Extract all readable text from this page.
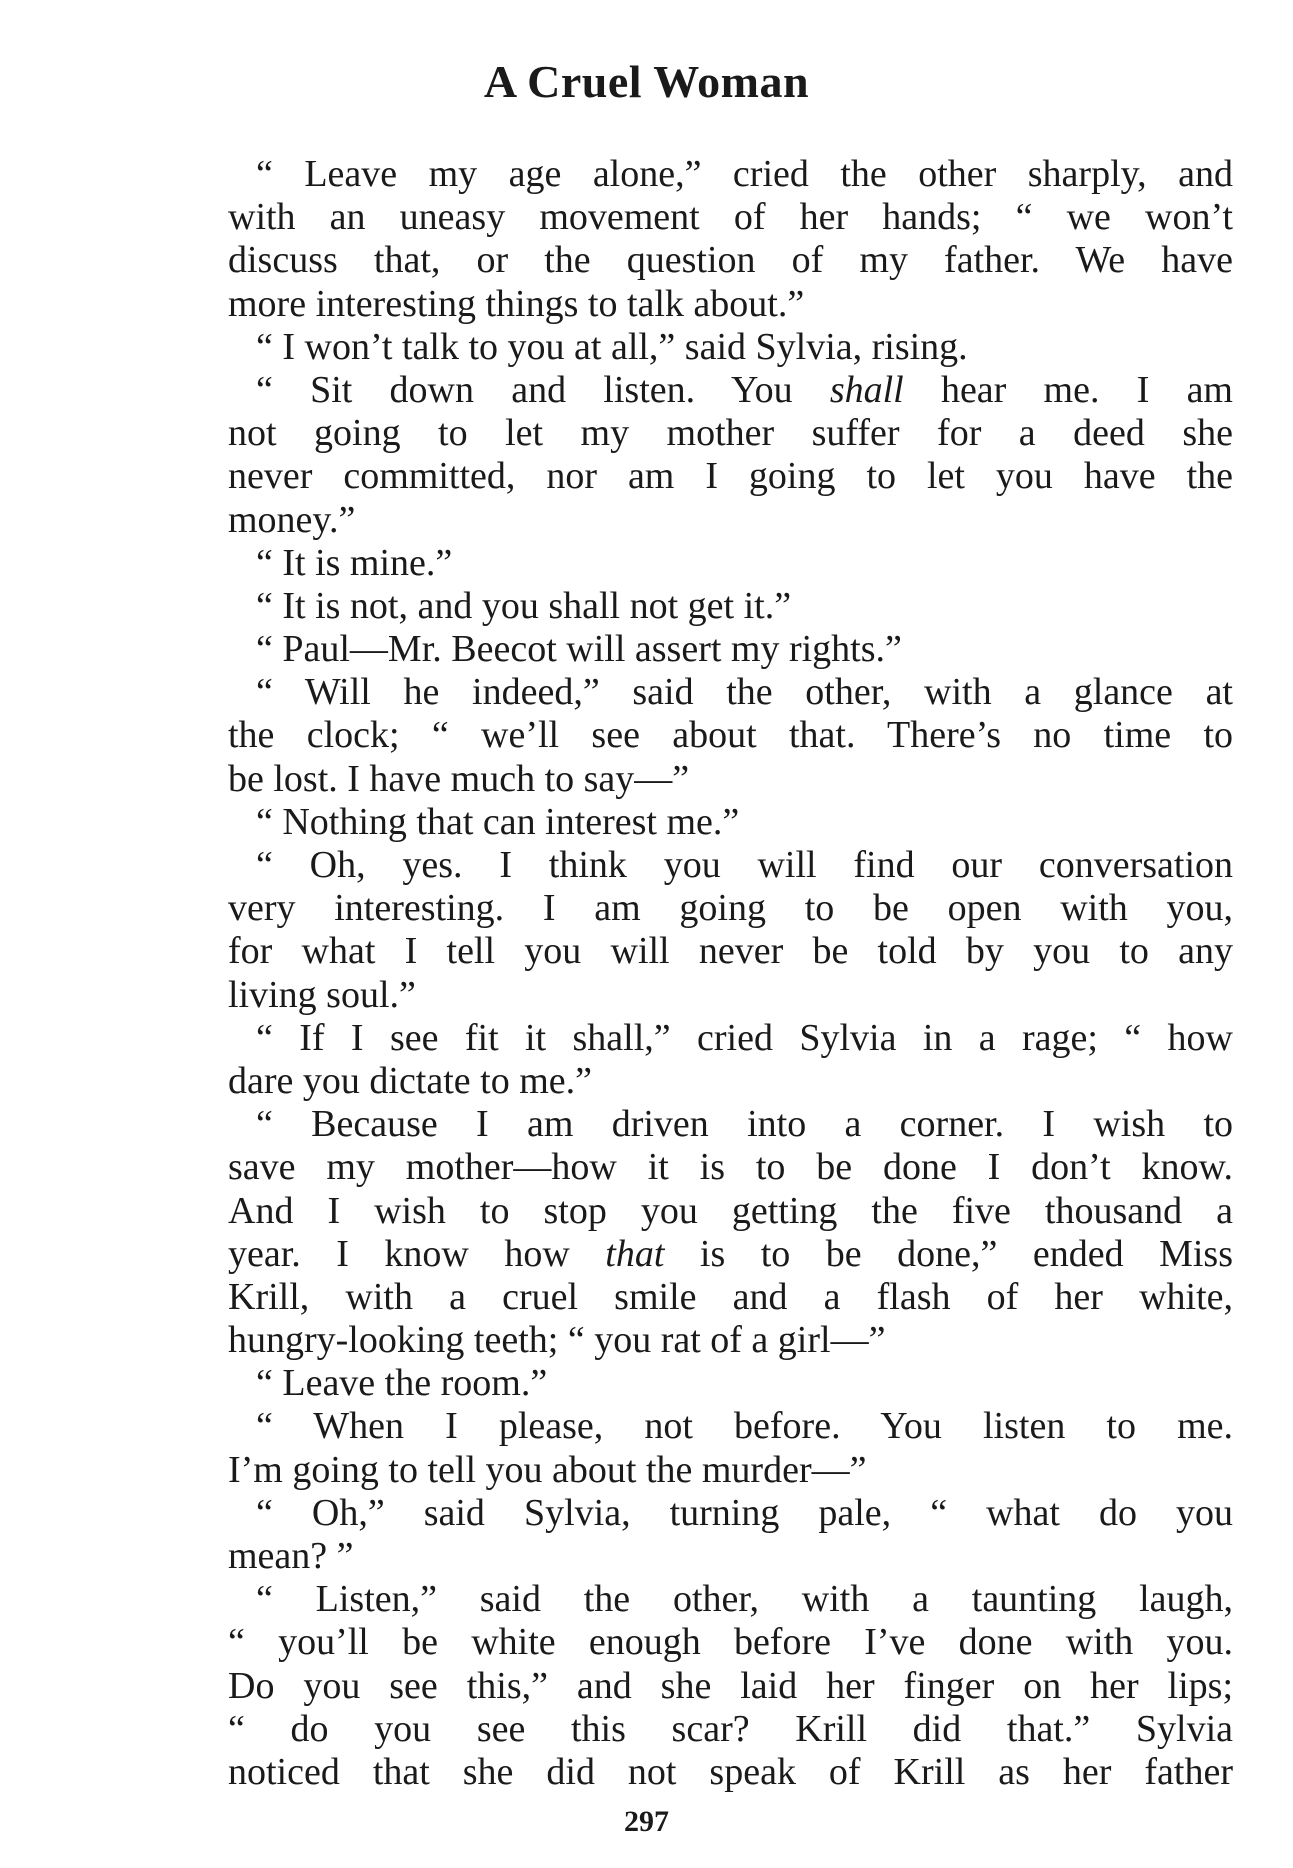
A Cruel Woman
“ Leave my age alone,” cried the other sharply, and
with an uneasy movement of her hands; “ we won’t
discuss that, or the question of my father. We have
more interesting things to talk about.”
“ I won’t talk to you at all,” said Sylvia, rising.
“ Sit down and listen. You shall hear me. I am
not going to let my mother suffer for a deed she
never committed, nor am I going to let you have the
money.”
“ It is mine.”
“ It is not, and you shall not get it.”
“ Paul—Mr. Beecot will assert my rights.”
“ Will he indeed,” said the other, with a glance at
the clock; “ we’ll see about that. There’s no time to
be lost. I have much to say—”
“ Nothing that can interest me.”
“ Oh, yes. I think you will find our conversation
very interesting. I am going to be open with you,
for what I tell you will never be told by you to any
living soul.”
“ If I see fit it shall,” cried Sylvia in a rage; “ how
dare you dictate to me.”
“ Because I am driven into a corner. I wish to
save my mother—how it is to be done I don’t know.
And I wish to stop you getting the five thousand a
year. I know how that is to be done,” ended Miss
Krill, with a cruel smile and a flash of her white,
hungry-looking teeth; “ you rat of a girl—”
“ Leave the room.”
“ When I please, not before. You listen to me.
I’m going to tell you about the murder—”
“ Oh,” said Sylvia, turning pale, “ what do you
mean? ”
“ Listen,” said the other, with a taunting laugh,
“ you’ll be white enough before I’ve done with you.
Do you see this,” and she laid her finger on her lips;
“ do you see this scar? Krill did that.” Sylvia
noticed that she did not speak of Krill as her father
297
